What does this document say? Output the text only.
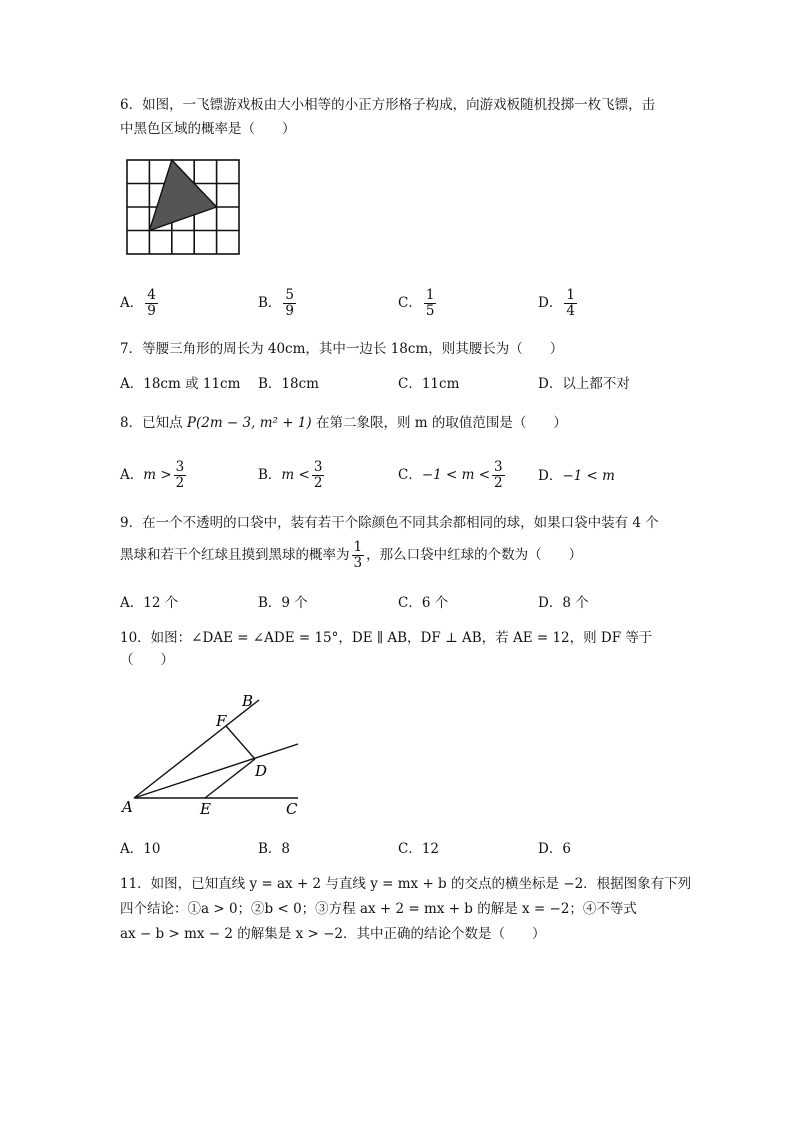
6．如图，一飞镖游戏板由大小相等的小正方形格子构成，向游戏板随机投掷一枚飞镖，击
中黑色区域的概率是（　　）
A． $\frac{4}{9}$	B． $\frac{5}{9}$	C． $\frac{1}{5}$	D． $\frac{1}{4}$
7．等腰三角形的周长为 40cm，其中一边长 18cm，则其腰长为（　　）
A．18cm 或 11cm B．18cm	C．11cm	D．以上都不对
8．已知点 P(2m − 3, m² + 1) 在第二象限，则 m 的取值范围是（　　）
A．$m > \frac{3}{2}$	B．$m < \frac{3}{2}$	C．$-1 < m < \frac{3}{2}$ D．−1 < m
9．在一个不透明的口袋中，装有若干个除颜色不同其余都相同的球，如果口袋中装有 4 个
黑球和若干个红球且摸到黑球的概率为 $\frac{1}{3}$ ，那么口袋中红球的个数为（　　）
A．12 个	B．9 个	C．6 个	D．8 个
10．如图：∠DAE = ∠ADE = 15°，DE ∥ AB，DF ⊥ AB，若 AE = 12，则 DF 等于
（　　）
B
F
D
A	E	C
A．10	B．8	C．12	D．6
11．如图，已知直线 y = ax + 2 与直线 y = mx + b 的交点的横坐标是 −2．根据图象有下列
四个结论：①a > 0；②b < 0；③方程 ax + 2 = mx + b 的解是 x = −2；④不等式
ax − b > mx − 2 的解集是 x > −2．其中正确的结论个数是（　　）
